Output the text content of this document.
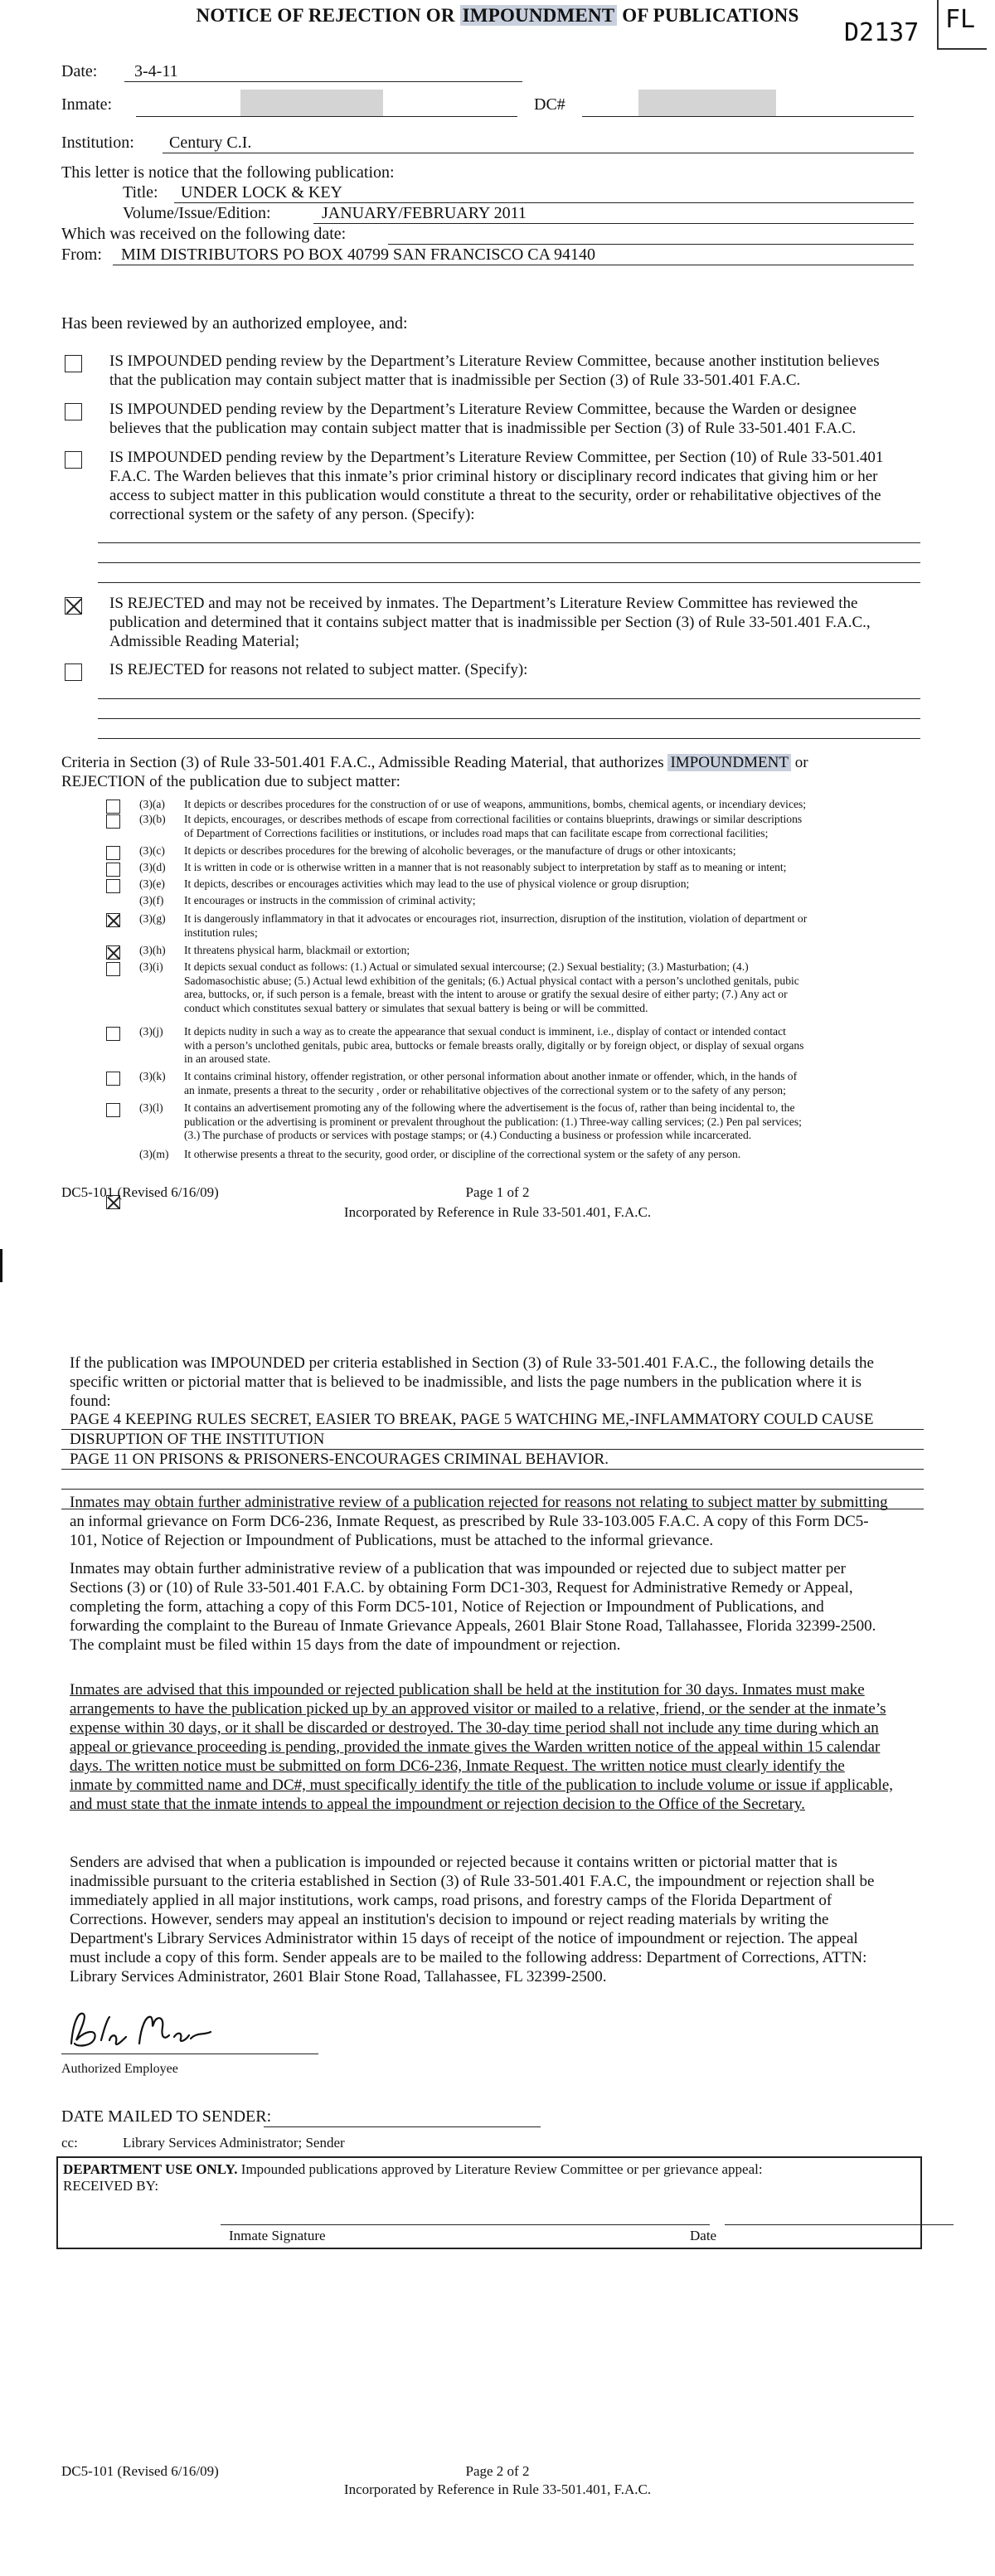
NOTICE OF REJECTION OR IMPOUNDMENT OF PUBLICATIONS
D2137 FL
Date: 3-4-11
Inmate:	DC#
Institution: Century C.I.
This letter is notice that the following publication:
Title: UNDER LOCK & KEY
Volume/Issue/Edition:	JANUARY/FEBRUARY 2011
Which was received on the following date:
From: MIM DISTRIBUTORS PO BOX 40799 SAN FRANCISCO CA 94140
Has been reviewed by an authorized employee, and:
IS IMPOUNDED pending review by the Department’s Literature Review Committee, because another institution believes
that the publication may contain subject matter that is inadmissible per Section (3) of Rule 33-501.401 F.A.C.
IS IMPOUNDED pending review by the Department’s Literature Review Committee, because the Warden or designee
believes that the publication may contain subject matter that is inadmissible per Section (3) of Rule 33-501.401 F.A.C.
IS IMPOUNDED pending review by the Department’s Literature Review Committee, per Section (10) of Rule 33-501.401
F.A.C. The Warden believes that this inmate’s prior criminal history or disciplinary record indicates that giving him or her
access to subject matter in this publication would constitute a threat to the security, order or rehabilitative objectives of the
correctional system or the safety of any person. (Specify):
IS REJECTED and may not be received by inmates. The Department’s Literature Review Committee has reviewed the
publication and determined that it contains subject matter that is inadmissible per Section (3) of Rule 33-501.401 F.A.C.,
Admissible Reading Material;
IS REJECTED for reasons not related to subject matter. (Specify):
Criteria in Section (3) of Rule 33-501.401 F.A.C., Admissible Reading Material, that authorizes IMPOUNDMENT or
REJECTION of the publication due to subject matter:
(3)(a) It depicts or describes procedures for the construction of or use of weapons, ammunitions, bombs, chemical agents, or incendiary devices;
(3)(b) It depicts, encourages, or describes methods of escape from correctional facilities or contains blueprints, drawings or similar descriptions
of Department of Corrections facilities or institutions, or includes road maps that can facilitate escape from correctional facilities;
(3)(c) It depicts or describes procedures for the brewing of alcoholic beverages, or the manufacture of drugs or other intoxicants;
(3)(d) It is written in code or is otherwise written in a manner that is not reasonably subject to interpretation by staff as to meaning or intent;
(3)(e) It depicts, describes or encourages activities which may lead to the use of physical violence or group disruption;
(3)(f) It encourages or instructs in the commission of criminal activity;
(3)(g) It is dangerously inflammatory in that it advocates or encourages riot, insurrection, disruption of the institution, violation of department or
institution rules;
(3)(h) It threatens physical harm, blackmail or extortion;
(3)(i) It depicts sexual conduct as follows: (1.) Actual or simulated sexual intercourse; (2.) Sexual bestiality; (3.) Masturbation; (4.)
Sadomasochistic abuse; (5.) Actual lewd exhibition of the genitals; (6.) Actual physical contact with a person’s unclothed genitals, pubic
area, buttocks, or, if such person is a female, breast with the intent to arouse or gratify the sexual desire of either party; (7.) Any act or
conduct which constitutes sexual battery or simulates that sexual battery is being or will be committed.
(3)(j) It depicts nudity in such a way as to create the appearance that sexual conduct is imminent, i.e., display of contact or intended contact
with a person’s unclothed genitals, pubic area, buttocks or female breasts orally, digitally or by foreign object, or display of sexual organs
in an aroused state.
(3)(k) It contains criminal history, offender registration, or other personal information about another inmate or offender, which, in the hands of
an inmate, presents a threat to the security , order or rehabilitative objectives of the correctional system or to the safety of any person;
(3)(l) It contains an advertisement promoting any of the following where the advertisement is the focus of, rather than being incidental to, the
publication or the advertising is prominent or prevalent throughout the publication: (1.) Three-way calling services; (2.) Pen pal services;
(3.) The purchase of products or services with postage stamps; or (4.) Conducting a business or profession while incarcerated.
(3)(m) It otherwise presents a threat to the security, good order, or discipline of the correctional system or the safety of any person.
DC5-101 (Revised 6/16/09)	Page 1 of 2
Incorporated by Reference in Rule 33-501.401, F.A.C.
If the publication was IMPOUNDED per criteria established in Section (3) of Rule 33-501.401 F.A.C., the following details the
specific written or pictorial matter that is believed to be inadmissible, and lists the page numbers in the publication where it is
found:
PAGE 4 KEEPING RULES SECRET, EASIER TO BREAK, PAGE 5 WATCHING ME,-INFLAMMATORY COULD CAUSE
DISRUPTION OF THE INSTITUTION
PAGE 11 ON PRISONS & PRISONERS-ENCOURAGES CRIMINAL BEHAVIOR.
Inmates may obtain further administrative review of a publication rejected for reasons not relating to subject matter by submitting
an informal grievance on Form DC6-236, Inmate Request, as prescribed by Rule 33-103.005 F.A.C. A copy of this Form DC5-
101, Notice of Rejection or Impoundment of Publications, must be attached to the informal grievance.
Inmates may obtain further administrative review of a publication that was impounded or rejected due to subject matter per
Sections (3) or (10) of Rule 33-501.401 F.A.C. by obtaining Form DC1-303, Request for Administrative Remedy or Appeal,
completing the form, attaching a copy of this Form DC5-101, Notice of Rejection or Impoundment of Publications, and
forwarding the complaint to the Bureau of Inmate Grievance Appeals, 2601 Blair Stone Road, Tallahassee, Florida 32399-2500.
The complaint must be filed within 15 days from the date of impoundment or rejection.
Inmates are advised that this impounded or rejected publication shall be held at the institution for 30 days. Inmates must make
arrangements to have the publication picked up by an approved visitor or mailed to a relative, friend, or the sender at the inmate’s
expense within 30 days, or it shall be discarded or destroyed. The 30-day time period shall not include any time during which an
appeal or grievance proceeding is pending, provided the inmate gives the Warden written notice of the appeal within 15 calendar
days. The written notice must be submitted on form DC6-236, Inmate Request. The written notice must clearly identify the
inmate by committed name and DC#, must specifically identify the title of the publication to include volume or issue if applicable,
and must state that the inmate intends to appeal the impoundment or rejection decision to the Office of the Secretary.
Senders are advised that when a publication is impounded or rejected because it contains written or pictorial matter that is
inadmissible pursuant to the criteria established in Section (3) of Rule 33-501.401 F.A.C, the impoundment or rejection shall be
immediately applied in all major institutions, work camps, road prisons, and forestry camps of the Florida Department of
Corrections. However, senders may appeal an institution's decision to impound or reject reading materials by writing the
Department's Library Services Administrator within 15 days of receipt of the notice of impoundment or rejection. The appeal
must include a copy of this form. Sender appeals are to be mailed to the following address: Department of Corrections, ATTN:
Library Services Administrator, 2601 Blair Stone Road, Tallahassee, FL 32399-2500.
Authorized Employee
DATE MAILED TO SENDER:
cc:	Library Services Administrator; Sender
DEPARTMENT USE ONLY. Impounded publications approved by Literature Review Committee or per grievance appeal:
RECEIVED BY:
Inmate Signature	Date
DC5-101 (Revised 6/16/09)	Page 2 of 2
Incorporated by Reference in Rule 33-501.401, F.A.C.
